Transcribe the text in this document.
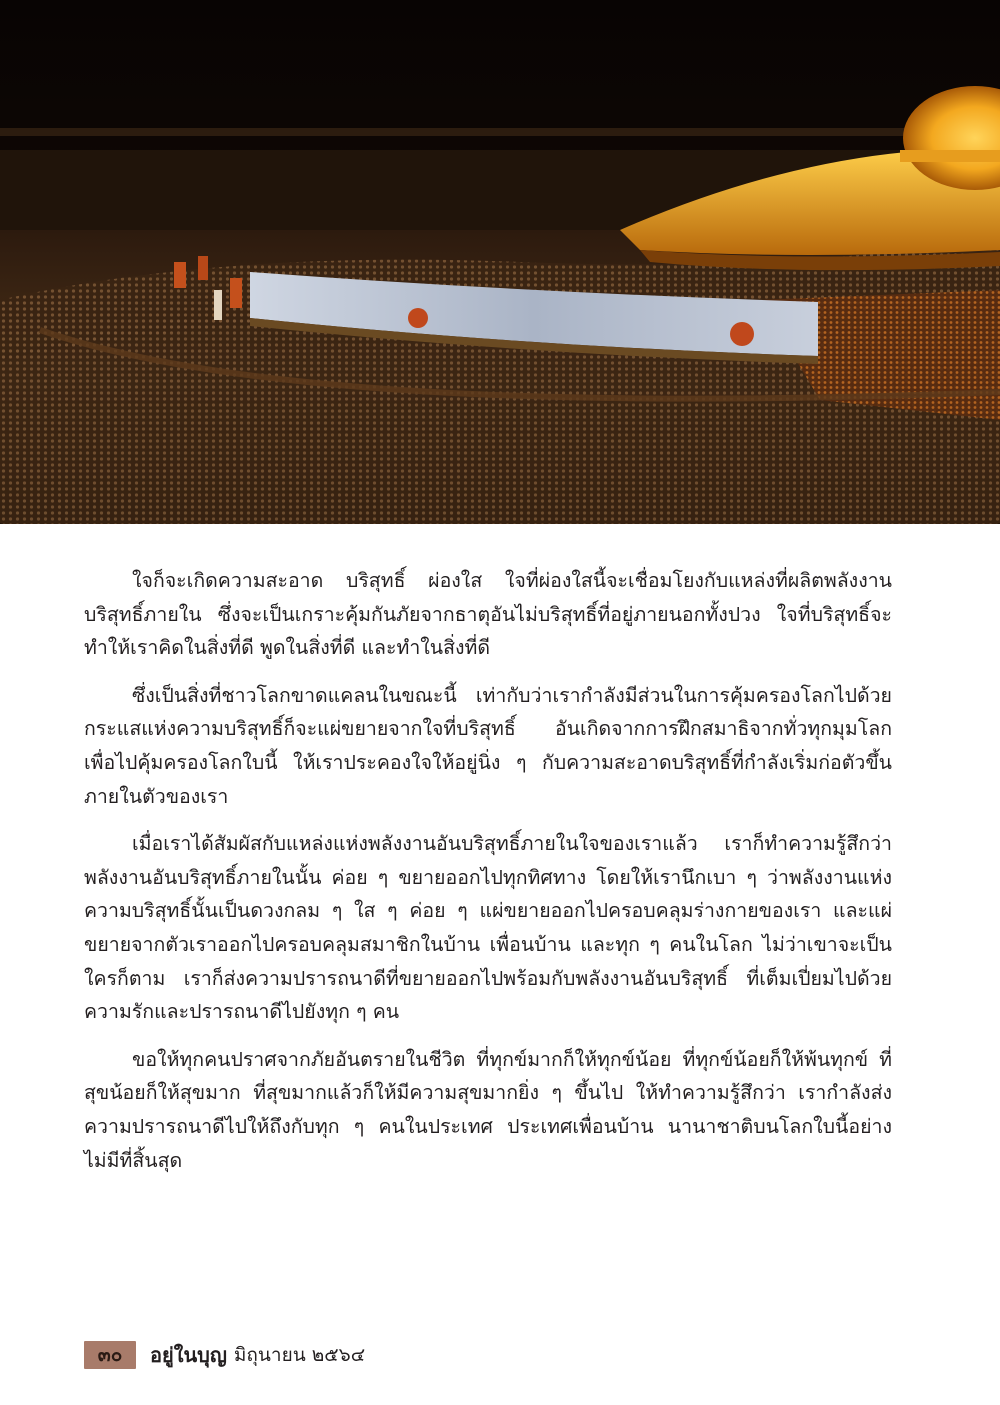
ใจก็จะเกิดความสะอาด บริสุทธิ์ ผ่องใส ใจที่ผ่องใสนี้จะเชื่อมโยงกับแหล่งที่ผลิตพลังงานบริสุทธิ์ภายใน ซึ่งจะเป็นเกราะคุ้มกันภัยจากธาตุอันไม่บริสุทธิ์ที่อยู่ภายนอกทั้งปวง ใจที่บริสุทธิ์จะทำให้เราคิดในสิ่งที่ดี พูดในสิ่งที่ดี และทำในสิ่งที่ดี

ซึ่งเป็นสิ่งที่ชาวโลกขาดแคลนในขณะนี้ เท่ากับว่าเรากำลังมีส่วนในการคุ้มครองโลกไปด้วย กระแสแห่งความบริสุทธิ์ก็จะแผ่ขยายจากใจที่บริสุทธิ์ อันเกิดจากการฝึกสมาธิจากทั่วทุกมุมโลก เพื่อไปคุ้มครองโลกใบนี้ ให้เราประคองใจให้อยู่นิ่ง ๆ กับความสะอาดบริสุทธิ์ที่กำลังเริ่มก่อตัวขึ้นภายในตัวของเรา

เมื่อเราได้สัมผัสกับแหล่งแห่งพลังงานอันบริสุทธิ์ภายในใจของเราแล้ว เราก็ทำความรู้สึกว่า พลังงานอันบริสุทธิ์ภายในนั้น ค่อย ๆ ขยายออกไปทุกทิศทาง โดยให้เรานึกเบา ๆ ว่าพลังงานแห่งความบริสุทธิ์นั้นเป็นดวงกลม ๆ ใส ๆ ค่อย ๆ แผ่ขยายออกไปครอบคลุมร่างกายของเรา และแผ่ขยายจากตัวเราออกไปครอบคลุมสมาชิกในบ้าน เพื่อนบ้าน และทุก ๆ คนในโลก ไม่ว่าเขาจะเป็นใครก็ตาม เราก็ส่งความปรารถนาดีที่ขยายออกไปพร้อมกับพลังงานอันบริสุทธิ์ ที่เต็มเปี่ยมไปด้วยความรักและปรารถนาดีไปยังทุก ๆ คน

ขอให้ทุกคนปราศจากภัยอันตรายในชีวิต ที่ทุกข์มากก็ให้ทุกข์น้อย ที่ทุกข์น้อยก็ให้พ้นทุกข์ ที่สุขน้อยก็ให้สุขมาก ที่สุขมากแล้วก็ให้มีความสุขมากยิ่ง ๆ ขึ้นไป ให้ทำความรู้สึกว่า เรากำลังส่งความปรารถนาดีไปให้ถึงกับทุก ๆ คนในประเทศ ประเทศเพื่อนบ้าน นานาชาติบนโลกใบนี้อย่างไม่มีที่สิ้นสุด

๓๐	อยู่ในบุญ มิถุนายน ๒๕๖๔
